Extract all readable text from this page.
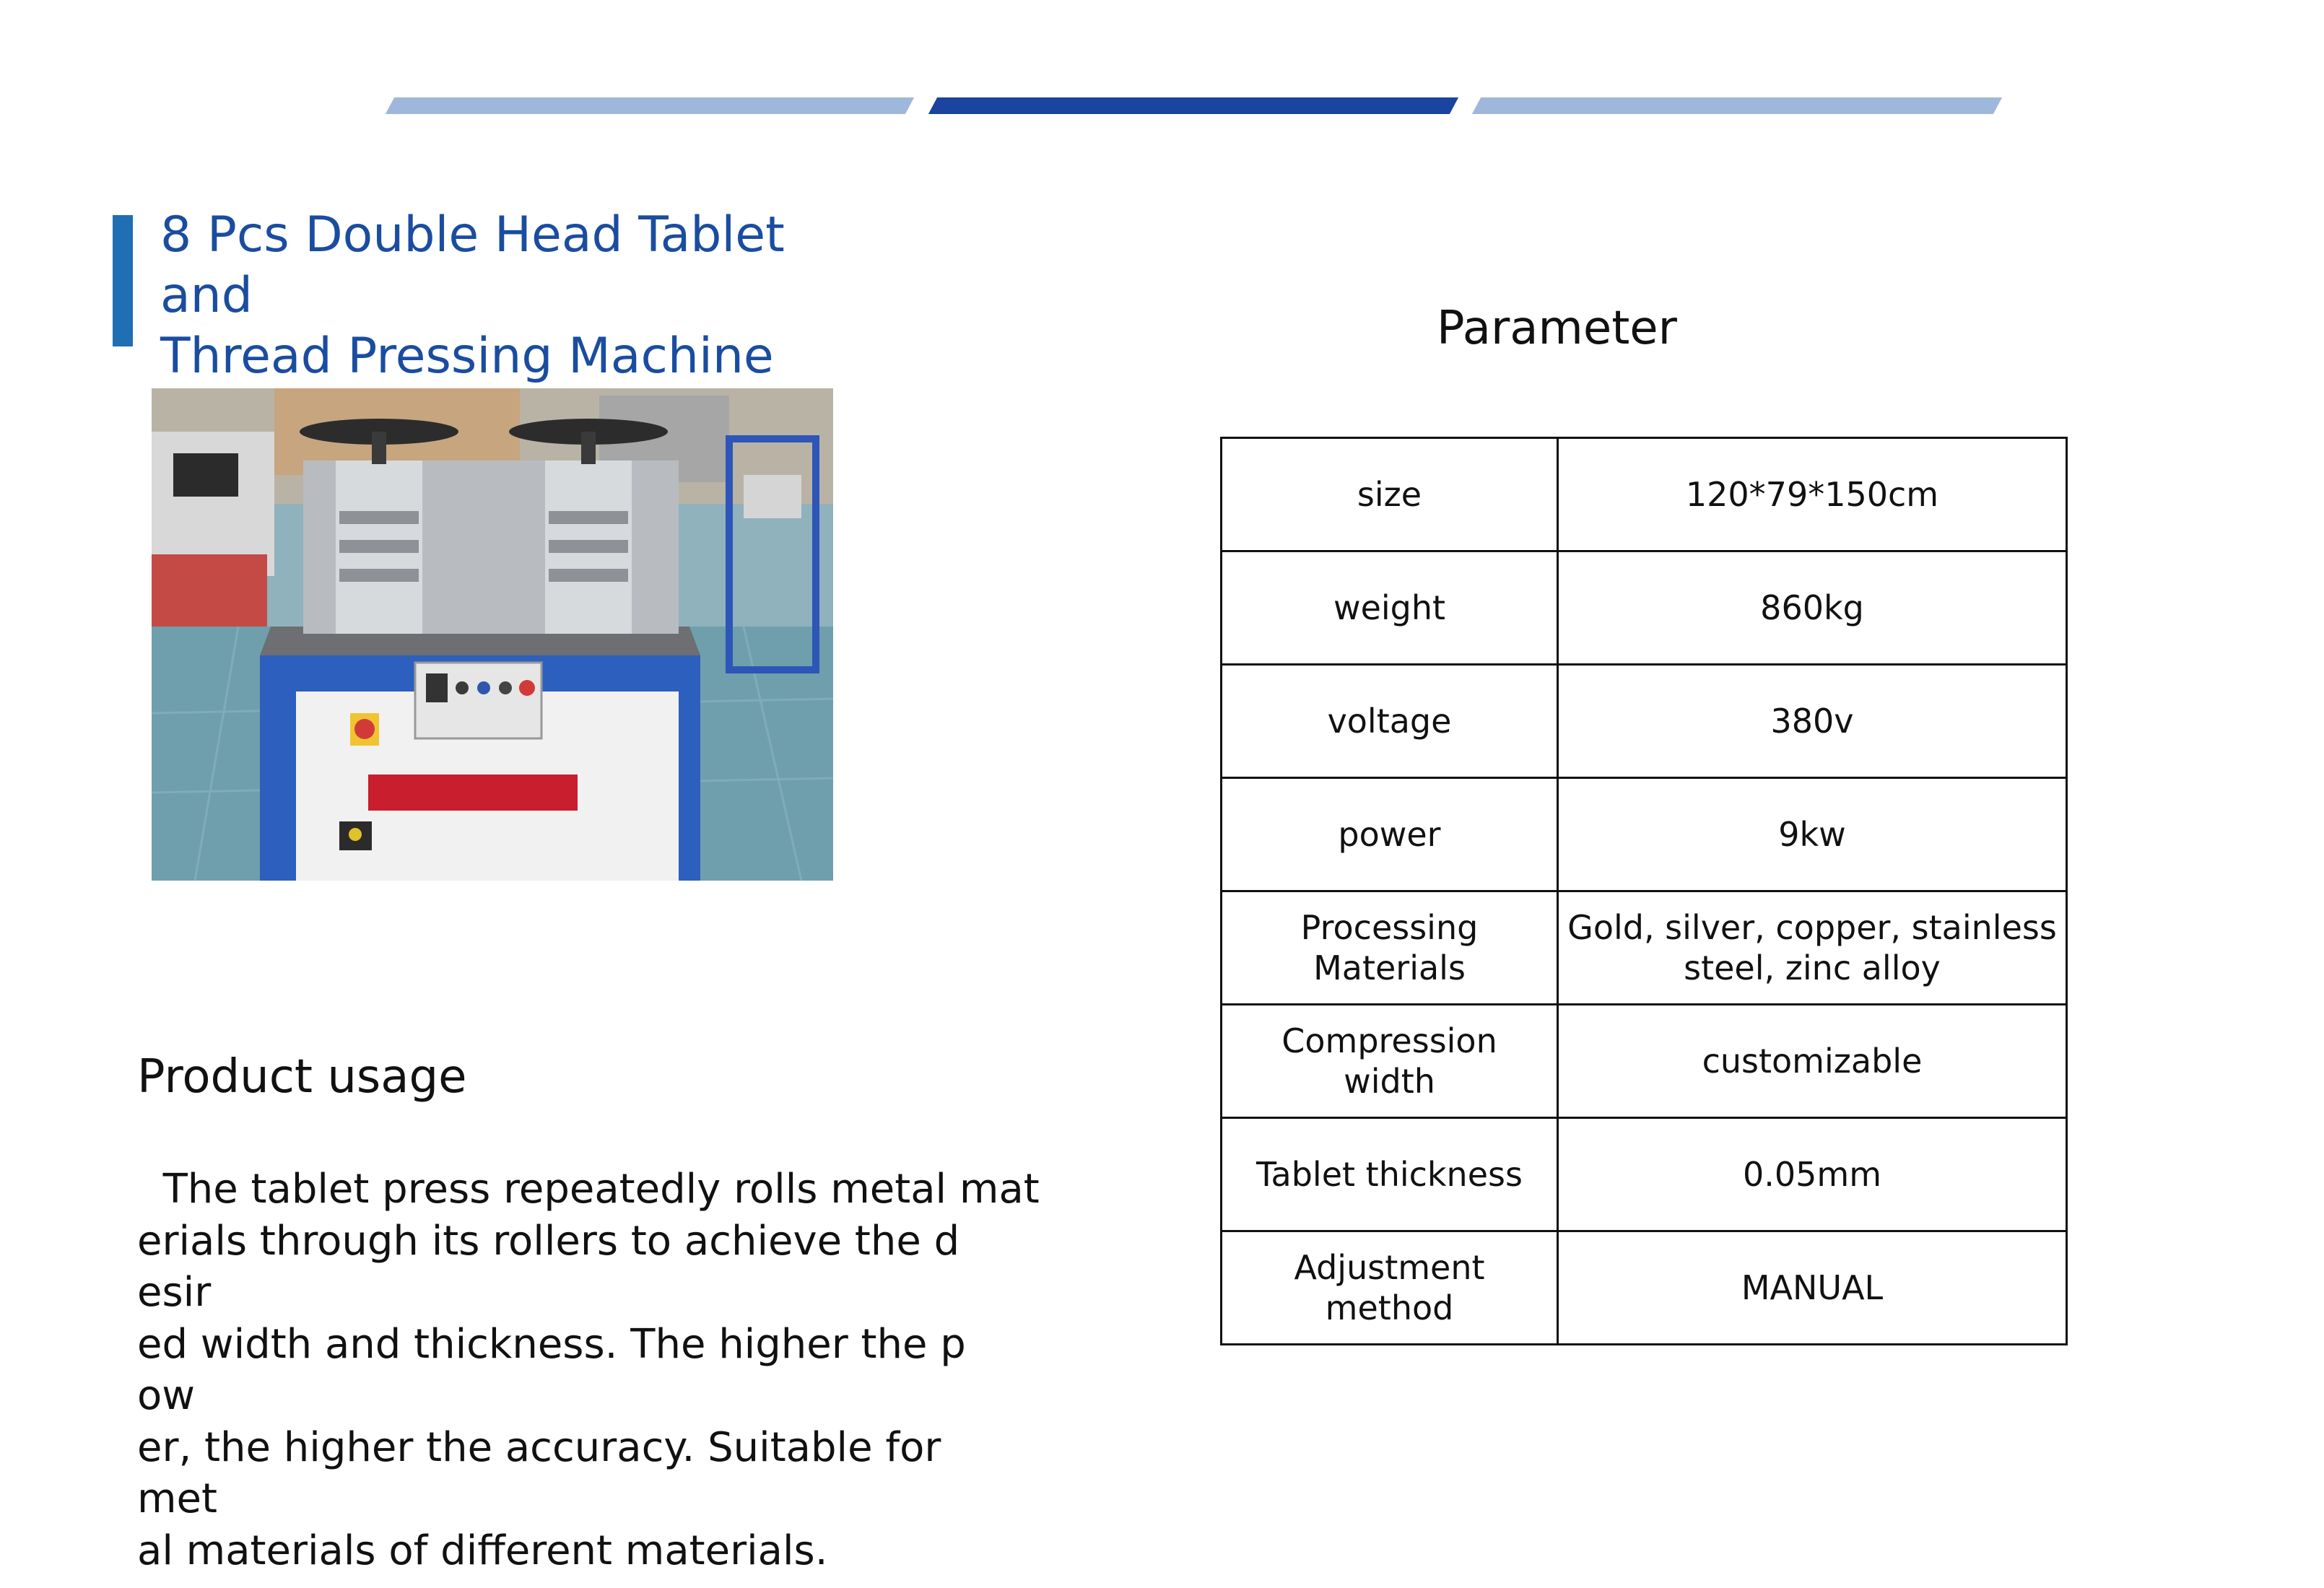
8 Pcs Double Head Tablet and
Thread Pressing Machine
Product usage
The tablet press repeatedly rolls metal mat
erials through its rollers to achieve the desir
ed width and thickness. The higher the pow
er, the higher the accuracy. Suitable for met
al materials of different materials.
Parameter
size	120*79*150cm
weight	860kg
voltage	380v
power	9kw
Processing Materials	Gold, silver, copper, stainless steel, zinc alloy
Compression width	customizable
Tablet thickness	0.05mm
Adjustment method	MANUAL
